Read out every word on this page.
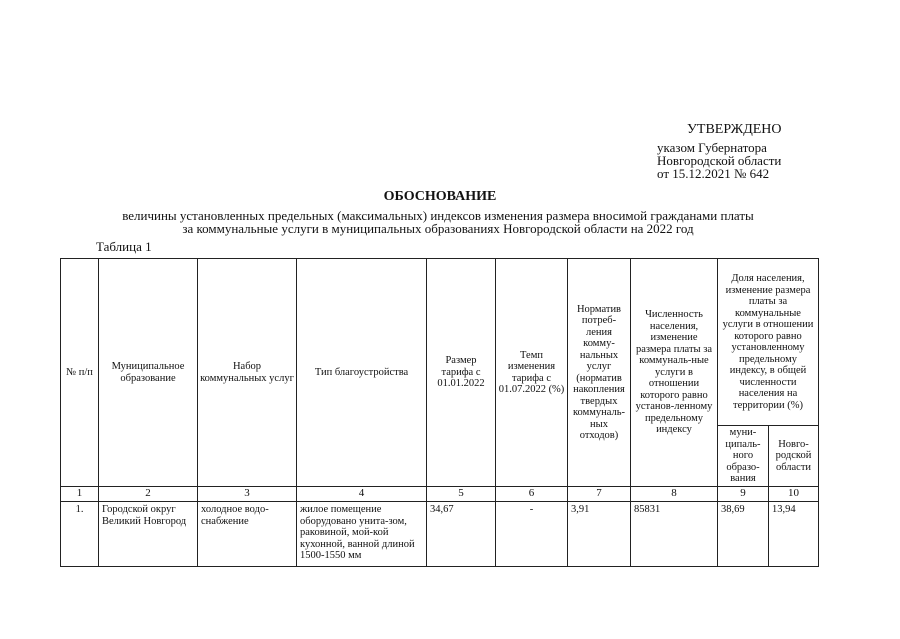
УТВЕРЖДЕНО
указом Губернатора
Новгородской области
от 15.12.2021 № 642
ОБОСНОВАНИЕ
величины установленных предельных (максимальных) индексов изменения размера вносимой гражданами платы
за коммунальные услуги в муниципальных образованиях Новгородской области на 2022 год
Таблица 1
№ п/п	Муниципальное образование	Набор коммунальных услуг	Тип благоустройства	Размер тарифа с 01.01.2022	Темп изменения тарифа с 01.07.2022 (%)	Норматив потреб-ления комму-нальных услуг (норматив накопления твердых коммуналь-ных отходов)	Численность населения, изменение размера платы за коммуналь-ные услуги в отношении которого равно установ-ленному предельному индексу	Доля населения, изменение размера платы за коммунальные услуги в отношении которого равно установленному предельному индексу, в общей численности населения на территории (%)	
								муни-ципаль-ного образо-вания	Новго-родской области
1	2	3	4	5	6	7	8	9	10
1.	Городской округ Великий Новгород	холодное водо-снабжение	жилое помещение оборудовано унита-зом, раковиной, мой-кой кухонной, ванной длиной 1500-1550 мм	34,67	-	3,91	85831	38,69	13,94
